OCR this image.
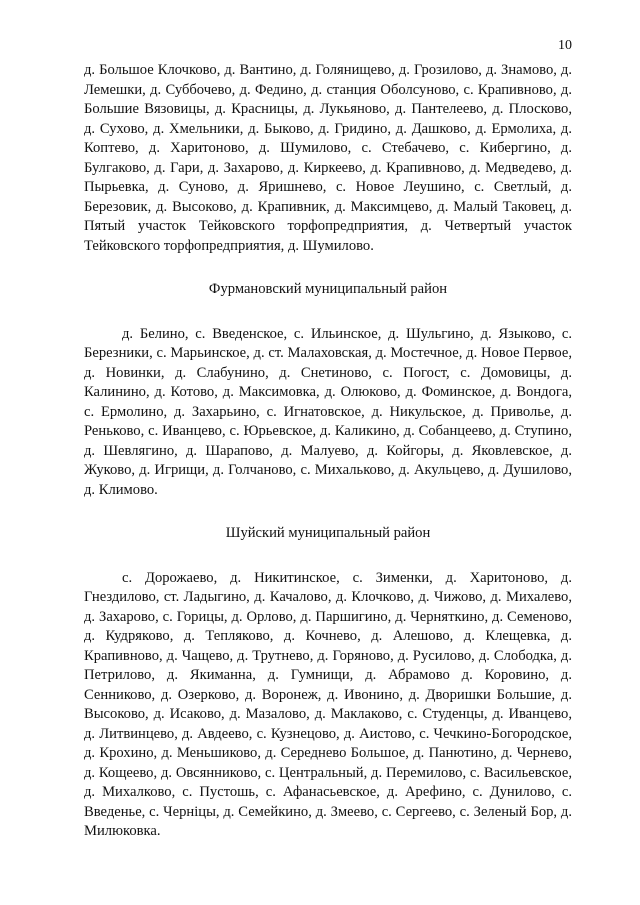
10

д. Большое Клочково, д. Вантино, д. Голянищево, д. Грозилово, д. Знамово, д. Лемешки, д. Суббочево, д. Федино, д. станция Оболсуново, с. Крапивново, д. Большие Вязовицы, д. Красницы, д. Лукьяново, д. Пантелеево, д. Плосково, д. Сухово, д. Хмельники, д. Быково, д. Гридино, д. Дашково, д. Ермолиха, д. Коптево, д. Харитоново, д. Шумилово, с. Стебачево, с. Кибергино, д. Булгаково, д. Гари, д. Захарово, д. Киркеево, д. Крапивново, д. Медведево, д. Пырьевка, д. Суново, д. Яришнево, с. Новое Леушино, с. Светлый, д. Березовик, д. Высоково, д. Крапивник, д. Максимцево, д. Малый Таковец, д. Пятый участок Тейковского торфопредприятия, д. Четвертый участок Тейковского торфопредприятия, д. Шумилово.

Фурмановский муниципальный район

д. Белино, с. Введенское, с. Ильинское, д. Шульгино, д. Языково, с. Березники, с. Марьинское, д. ст. Малаховская, д. Мостечное, д. Новое Первое, д. Новинки, д. Слабунино, д. Снетиново, с. Погост, с. Домовицы, д. Калинино, д. Котово, д. Максимовка, д. Олюково, д. Фоминское, д. Вондога, с. Ермолино, д. Захарьино, с. Игнатовское, д. Никульское, д. Приволье, д. Реньково, с. Иванцево, с. Юрьевское, д. Каликино, д. Собанцеево, д. Ступино, д. Шевлягино, д. Шарапово, д. Малуево, д. Койгоры, д. Яковлевское, д. Жуково, д. Игрищи, д. Голчаново, с. Михальково, д. Акульцево, д. Душилово, д. Климово.

Шуйский муниципальный район

с. Дорожаево, д. Никитинское, с. Зименки, д. Харитоново, д. Гнездилово, ст. Ладыгино, д. Качалово, д. Клочково, д. Чижово, д. Михалево, д. Захарово, с. Горицы, д. Орлово, д. Паршигино, д. Черняткино, д. Семеново, д. Кудряково, д. Тепляково, д. Кочнево, д. Алешово, д. Клещевка, д. Крапивново, д. Чащево, д. Трутнево, д. Горяново, д. Русилово, д. Слободка, д. Петрилово, д. Якиманна, д. Гумнищи, д. Абрамово д. Коровино, д. Сенниково, д. Озерково, д. Воронеж, д. Ивонино, д. Дворишки Большие, д. Высоково, д. Исаково, д. Мазалово, д. Маклаково, с. Студенцы, д. Иванцево, д. Литвинцево, д. Авдеево, с. Кузнецово, д. Аистово, с. Чечкино-Богородское, д. Крохино, д. Меньшиково, д. Середнево Большое, д. Панютино, д. Чернево, д. Кощеево, д. Овсянниково, с. Центральный, д. Перемилово, с. Васильевское, д. Михалково, с. Пустошь, с. Афанасьевское, д. Арефино, с. Дунилово, с. Введенье, с. Черніцы, д. Семейкино, д. Змеево, с. Сергеево, с. Зеленый Бор, д. Милюковка.
